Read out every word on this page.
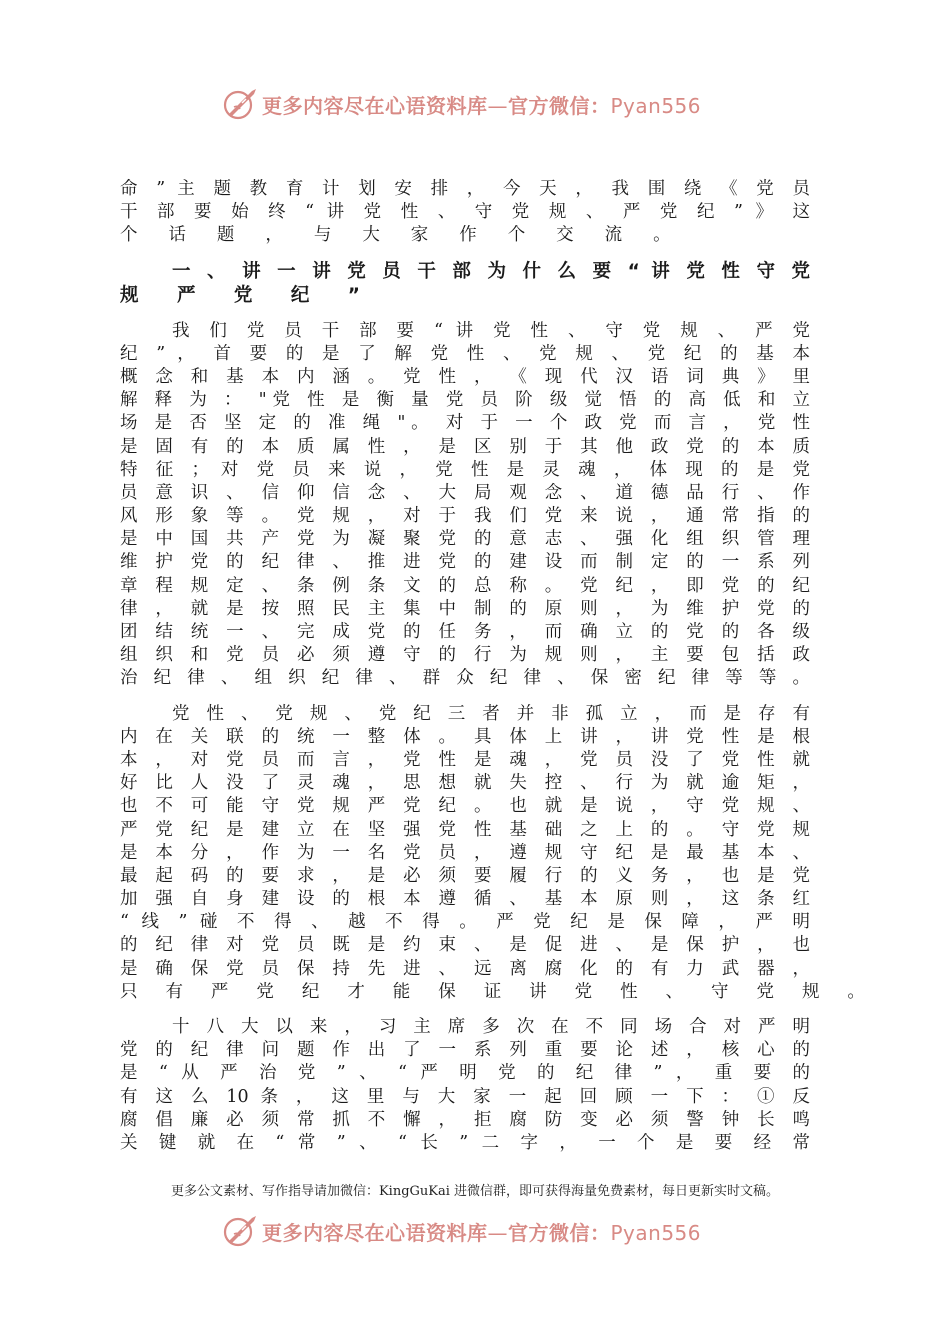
更多内容尽在心语资料库—官方微信：Pyan556
命 ” 主 题 教 育 计 划 安 排 ， 今 天 ， 我 围 绕 《 党 员
干 部 要 始 终 “ 讲 党 性 、 守 党 规 、 严 党 纪 ” 》 这
个 话 题 ， 与 大 家 作 个 交 流 。
一 、 讲 一 讲 党 员 干 部 为 什 么 要 “ 讲 党 性 守 党
规 严 党 纪 ”
我 们 党 员 干 部 要 “ 讲 党 性 、 守 党 规 、 严 党
纪 ” ， 首 要 的 是 了 解 党 性 、 党 规 、 党 纪 的 基 本
概 念 和 基 本 内 涵 。 党 性 ， 《 现 代 汉 语 词 典 》 里
解 释 为 ： "党 性 是 衡 量 党 员 阶 级 觉 悟 的 高 低 和 立
场 是 否 坚 定 的 准 绳 "。 对 于 一 个 政 党 而 言 ， 党 性
是 固 有 的 本 质 属 性 ， 是 区 别 于 其 他 政 党 的 本 质
特 征 ； 对 党 员 来 说 ， 党 性 是 灵 魂 ， 体 现 的 是 党
员 意 识 、 信 仰 信 念 、 大 局 观 念 、 道 德 品 行 、 作
风 形 象 等 。 党 规 ， 对 于 我 们 党 来 说 ， 通 常 指 的
是 中 国 共 产 党 为 凝 聚 党 的 意 志 、 强 化 组 织 管 理
维 护 党 的 纪 律 、 推 进 党 的 建 设 而 制 定 的 一 系 列
章 程 规 定 、 条 例 条 文 的 总 称 。 党 纪 ， 即 党 的 纪
律 ， 就 是 按 照 民 主 集 中 制 的 原 则 ， 为 维 护 党 的
团 结 统 一 、 完 成 党 的 任 务 ， 而 确 立 的 党 的 各 级
组 织 和 党 员 必 须 遵 守 的 行 为 规 则 ， 主 要 包 括 政
治 纪 律 、 组 织 纪 律 、 群 众 纪 律 、 保 密 纪 律 等 等 。
党 性 、 党 规 、 党 纪 三 者 并 非 孤 立 ， 而 是 存 有
内 在 关 联 的 统 一 整 体 。 具 体 上 讲 ， 讲 党 性 是 根
本 ， 对 党 员 而 言 ， 党 性 是 魂 ， 党 员 没 了 党 性 就
好 比 人 没 了 灵 魂 ， 思 想 就 失 控 、 行 为 就 逾 矩 ，
也 不 可 能 守 党 规 严 党 纪 。 也 就 是 说 ， 守 党 规 、
严 党 纪 是 建 立 在 坚 强 党 性 基 础 之 上 的 。 守 党 规
是 本 分 ， 作 为 一 名 党 员 ， 遵 规 守 纪 是 最 基 本 、
最 起 码 的 要 求 ， 是 必 须 要 履 行 的 义 务 ， 也 是 党
加 强 自 身 建 设 的 根 本 遵 循 、 基 本 原 则 ， 这 条 红
“ 线 ” 碰 不 得 、 越 不 得 。 严 党 纪 是 保 障 ， 严 明
的 纪 律 对 党 员 既 是 约 束 、 是 促 进 、 是 保 护 ， 也
是 确 保 党 员 保 持 先 进 、 远 离 腐 化 的 有 力 武 器 ，
只 有 严 党 纪 才 能 保 证 讲 党 性 、 守 党 规 。
十 八 大 以 来 ， 习 主 席 多 次 在 不 同 场 合 对 严 明
党 的 纪 律 问 题 作 出 了 一 系 列 重 要 论 述 ， 核 心 的
是 “ 从 严 治 党 ” 、 “ 严 明 党 的 纪 律 ” ， 重 要 的
有 这 么 10 条 ， 这 里 与 大 家 一 起 回 顾 一 下 ： ① 反
腐 倡 廉 必 须 常 抓 不 懈 ， 拒 腐 防 变 必 须 警 钟 长 鸣
关 键 就 在 “ 常 ” 、 “ 长 ” 二 字 ， 一 个 是 要 经 常
更多公文素材、写作指导请加微信：KingGuKai 进微信群，即可获得海量免费素材，每日更新实时文稿。
更多内容尽在心语资料库—官方微信：Pyan556
